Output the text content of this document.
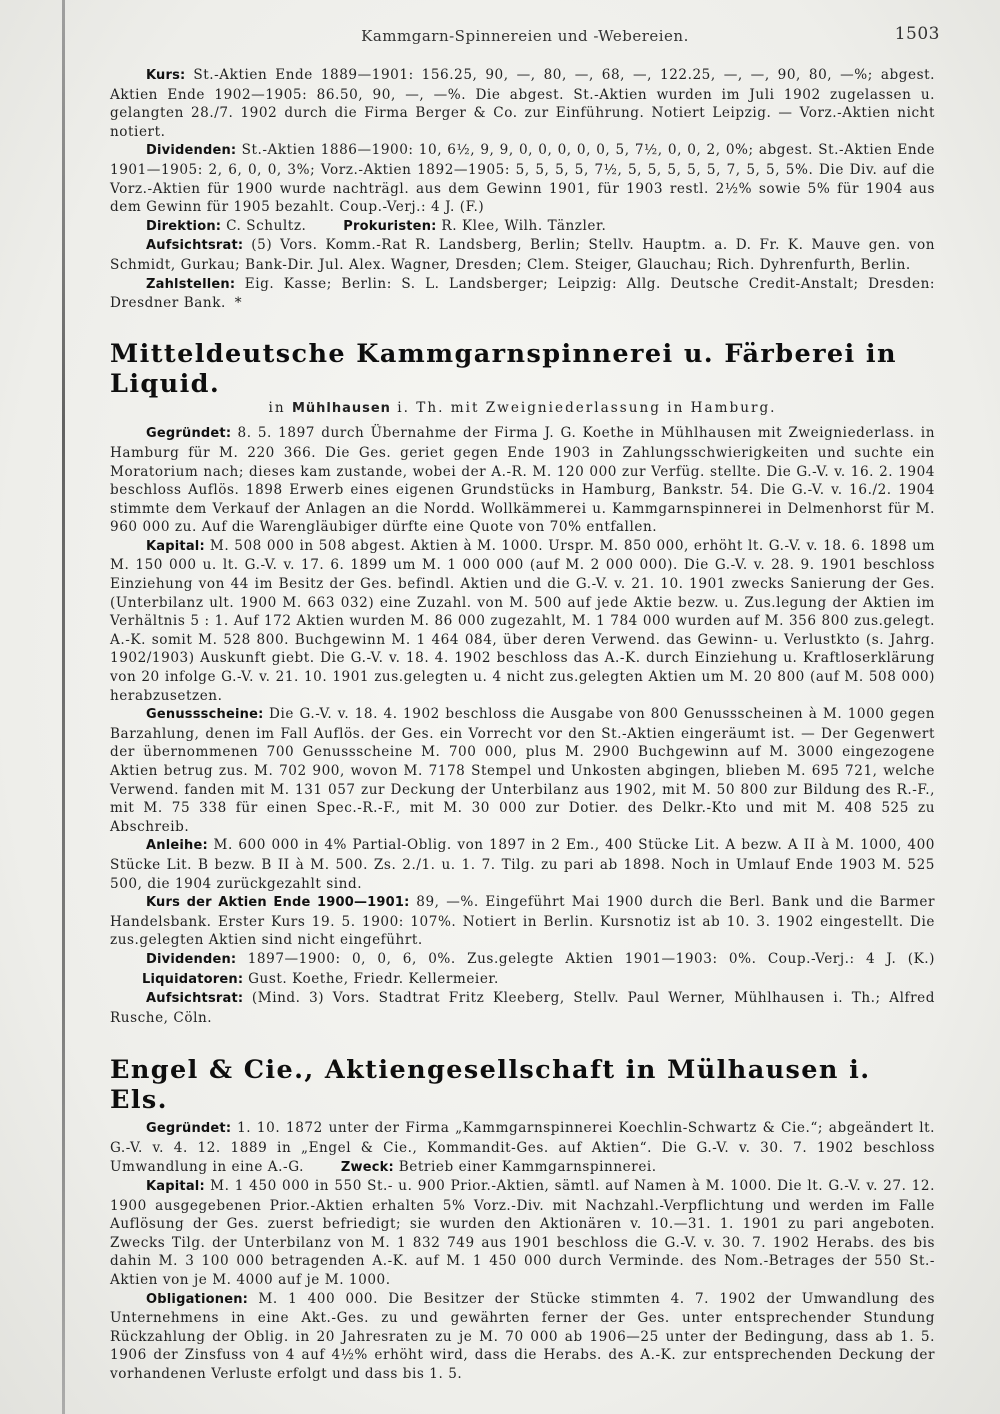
Kammgarn-Spinnereien und -Webereien.	1503

Kurs: St.-Aktien Ende 1889—1901: 156.25, 90, —, 80, —, 68, —, 122.25, —, —, 90, 80, —%; abgest. Aktien Ende 1902—1905: 86.50, 90, —, —%. Die abgest. St.-Aktien wurden im Juli 1902 zugelassen u. gelangten 28./7. 1902 durch die Firma Berger & Co. zur Einführung. Notiert Leipzig. — Vorz.-Aktien nicht notiert.

Dividenden: St.-Aktien 1886—1900: 10, 6½, 9, 9, 0, 0, 0, 0, 0, 5, 7½, 0, 0, 2, 0%; abgest. St.-Aktien Ende 1901—1905: 2, 6, 0, 0, 3%; Vorz.-Aktien 1892—1905: 5, 5, 5, 5, 7½, 5, 5, 5, 5, 5, 7, 5, 5, 5%. Die Div. auf die Vorz.-Aktien für 1900 wurde nachträgl. aus dem Gewinn 1901, für 1903 restl. 2½% sowie 5% für 1904 aus dem Gewinn für 1905 bezahlt. Coup.-Verj.: 4 J. (F.)

Direktion: C. Schultz.	Prokuristen: R. Klee, Wilh. Tänzler.

Aufsichtsrat: (5) Vors. Komm.-Rat R. Landsberg, Berlin; Stellv. Hauptm. a. D. Fr. K. Mauve gen. von Schmidt, Gurkau; Bank-Dir. Jul. Alex. Wagner, Dresden; Clem. Steiger, Glauchau; Rich. Dyhrenfurth, Berlin.

Zahlstellen: Eig. Kasse; Berlin: S. L. Landsberger; Leipzig: Allg. Deutsche Credit-Anstalt; Dresden: Dresdner Bank. *

Mitteldeutsche Kammgarnspinnerei u. Färberei in Liquid.
in Mühlhausen i. Th. mit Zweigniederlassung in Hamburg.

Gegründet: 8. 5. 1897 durch Übernahme der Firma J. G. Koethe in Mühlhausen mit Zweigniederlass. in Hamburg für M. 220 366. Die Ges. geriet gegen Ende 1903 in Zahlungsschwierigkeiten und suchte ein Moratorium nach; dieses kam zustande, wobei der A.-R. M. 120 000 zur Verfüg. stellte. Die G.-V. v. 16. 2. 1904 beschloss Auflös. 1898 Erwerb eines eigenen Grundstücks in Hamburg, Bankstr. 54. Die G.-V. v. 16./2. 1904 stimmte dem Verkauf der Anlagen an die Nordd. Wollkämmerei u. Kammgarnspinnerei in Delmenhorst für M. 960 000 zu. Auf die Warengläubiger dürfte eine Quote von 70% entfallen.

Kapital: M. 508 000 in 508 abgest. Aktien à M. 1000. Urspr. M. 850 000, erhöht lt. G.-V. v. 18. 6. 1898 um M. 150 000 u. lt. G.-V. v. 17. 6. 1899 um M. 1 000 000 (auf M. 2 000 000). Die G.-V. v. 28. 9. 1901 beschloss Einziehung von 44 im Besitz der Ges. befindl. Aktien und die G.-V. v. 21. 10. 1901 zwecks Sanierung der Ges. (Unterbilanz ult. 1900 M. 663 032) eine Zuzahl. von M. 500 auf jede Aktie bezw. u. Zus.legung der Aktien im Verhältnis 5 : 1. Auf 172 Aktien wurden M. 86 000 zugezahlt, M. 1 784 000 wurden auf M. 356 800 zus.gelegt. A.-K. somit M. 528 800. Buchgewinn M. 1 464 084, über deren Verwend. das Gewinn- u. Verlustkto (s. Jahrg. 1902/1903) Auskunft giebt. Die G.-V. v. 18. 4. 1902 beschloss das A.-K. durch Einziehung u. Kraftloserklärung von 20 infolge G.-V. v. 21. 10. 1901 zus.gelegten u. 4 nicht zus.gelegten Aktien um M. 20 800 (auf M. 508 000) herabzusetzen.

Genussscheine: Die G.-V. v. 18. 4. 1902 beschloss die Ausgabe von 800 Genussscheinen à M. 1000 gegen Barzahlung, denen im Fall Auflös. der Ges. ein Vorrecht vor den St.-Aktien eingeräumt ist. — Der Gegenwert der übernommenen 700 Genussscheine M. 700 000, plus M. 2900 Buchgewinn auf M. 3000 eingezogene Aktien betrug zus. M. 702 900, wovon M. 7178 Stempel und Unkosten abgingen, blieben M. 695 721, welche Verwend. fanden mit M. 131 057 zur Deckung der Unterbilanz aus 1902, mit M. 50 800 zur Bildung des R.-F., mit M. 75 338 für einen Spec.-R.-F., mit M. 30 000 zur Dotier. des Delkr.-Kto und mit M. 408 525 zu Abschreib.

Anleihe: M. 600 000 in 4% Partial-Oblig. von 1897 in 2 Em., 400 Stücke Lit. A bezw. A II à M. 1000, 400 Stücke Lit. B bezw. B II à M. 500. Zs. 2./1. u. 1. 7. Tilg. zu pari ab 1898. Noch in Umlauf Ende 1903 M. 525 500, die 1904 zurückgezahlt sind.

Kurs der Aktien Ende 1900—1901: 89, —%. Eingeführt Mai 1900 durch die Berl. Bank und die Barmer Handelsbank. Erster Kurs 19. 5. 1900: 107%. Notiert in Berlin. Kursnotiz ist ab 10. 3. 1902 eingestellt. Die zus.gelegten Aktien sind nicht eingeführt.

Dividenden: 1897—1900: 0, 0, 6, 0%. Zus.gelegte Aktien 1901—1903: 0%. Coup.-Verj.: 4 J. (K.) Liquidatoren: Gust. Koethe, Friedr. Kellermeier.

Aufsichtsrat: (Mind. 3) Vors. Stadtrat Fritz Kleeberg, Stellv. Paul Werner, Mühlhausen i. Th.; Alfred Rusche, Cöln.

Engel & Cie., Aktiengesellschaft in Mülhausen i. Els.

Gegründet: 1. 10. 1872 unter der Firma „Kammgarnspinnerei Koechlin-Schwartz & Cie.“; abgeändert lt. G.-V. v. 4. 12. 1889 in „Engel & Cie., Kommandit-Ges. auf Aktien“. Die G.-V. v. 30. 7. 1902 beschloss Umwandlung in eine A.-G.	Zweck: Betrieb einer Kammgarnspinnerei.

Kapital: M. 1 450 000 in 550 St.- u. 900 Prior.-Aktien, sämtl. auf Namen à M. 1000. Die lt. G.-V. v. 27. 12. 1900 ausgegebenen Prior.-Aktien erhalten 5% Vorz.-Div. mit Nachzahl.-Verpflichtung und werden im Falle Auflösung der Ges. zuerst befriedigt; sie wurden den Aktionären v. 10.—31. 1. 1901 zu pari angeboten. Zwecks Tilg. der Unterbilanz von M. 1 832 749 aus 1901 beschloss die G.-V. v. 30. 7. 1902 Herabs. des bis dahin M. 3 100 000 betragenden A.-K. auf M. 1 450 000 durch Verminde. des Nom.-Betrages der 550 St.-Aktien von je M. 4000 auf je M. 1000.

Obligationen: M. 1 400 000. Die Besitzer der Stücke stimmten 4. 7. 1902 der Umwandlung des Unternehmens in eine Akt.-Ges. zu und gewährten ferner der Ges. unter entsprechender Stundung Rückzahlung der Oblig. in 20 Jahresraten zu je M. 70 000 ab 1906—25 unter der Bedingung, dass ab 1. 5. 1906 der Zinsfuss von 4 auf 4½% erhöht wird, dass die Herabs. des A.-K. zur entsprechenden Deckung der vorhandenen Verluste erfolgt und dass bis 1. 5.
